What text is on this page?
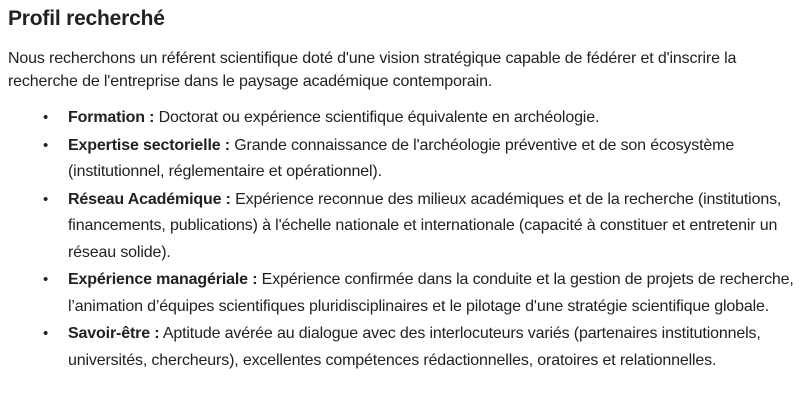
Profil recherché

Nous recherchons un référent scientifique doté d'une vision stratégique capable de fédérer et d'inscrire la recherche de l'entreprise dans le paysage académique contemporain.

• Formation : Doctorat ou expérience scientifique équivalente en archéologie.
• Expertise sectorielle : Grande connaissance de l'archéologie préventive et de son écosystème (institutionnel, réglementaire et opérationnel).
• Réseau Académique : Expérience reconnue des milieux académiques et de la recherche (institutions, financements, publications) à l'échelle nationale et internationale (capacité à constituer et entretenir un réseau solide).
• Expérience managériale : Expérience confirmée dans la conduite et la gestion de projets de recherche, l’animation d’équipes scientifiques pluridisciplinaires et le pilotage d'une stratégie scientifique globale.
• Savoir-être : Aptitude avérée au dialogue avec des interlocuteurs variés (partenaires institutionnels, universités, chercheurs), excellentes compétences rédactionnelles, oratoires et relationnelles.
